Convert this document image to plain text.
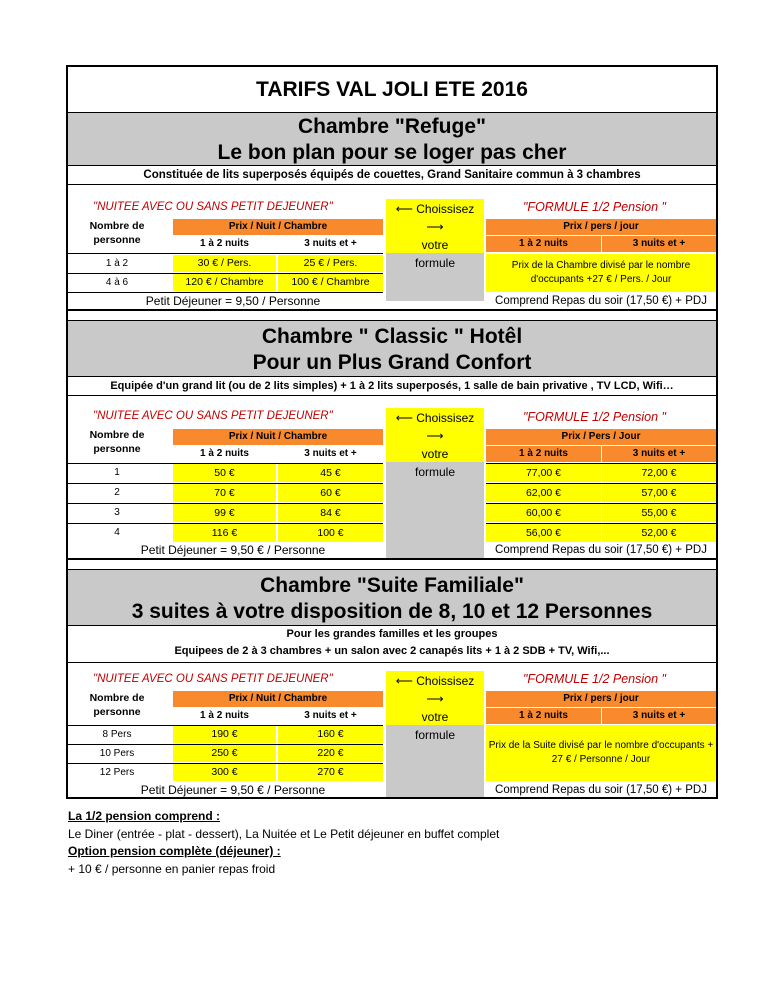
TARIFS VAL JOLI ETE 2016
Chambre "Refuge"
Le bon plan pour se loger pas cher
Constituée de lits superposés équipés de couettes, Grand Sanitaire commun à 3 chambres
"NUITEE AVEC OU SANS PETIT DEJEUNER"
Nombre de personne
Prix / Nuit / Chambre
1 à 2 nuits	3 nuits et +
1 à 2	30 € / Pers.	25 € / Pers.
4 à 6	120 € / Chambre	100 € / Chambre
Petit Déjeuner = 9,50 / Personne
⟵ Choissisez ⟶
votre
formule
"FORMULE 1/2 Pension "
Prix / pers / jour
1 à 2 nuits	3 nuits et +
Prix de la Chambre divisé par le nombre d'occupants +27 € / Pers. / Jour
Comprend Repas du soir (17,50 €) + PDJ
Chambre " Classic " Hotêl
Pour un Plus Grand Confort
Equipée d'un grand lit (ou de 2 lits simples) + 1 à 2 lits superposés, 1 salle de bain privative , TV LCD, Wifi…
"NUITEE AVEC OU SANS PETIT DEJEUNER"
Nombre de personne
Prix / Nuit / Chambre
1 à 2 nuits	3 nuits et +
"FORMULE 1/2 Pension "
Prix / Pers / Jour
1 à 2 nuits	3 nuits et +
1	50 €	45 €	77,00 €	72,00 €
2	70 €	60 €	62,00 €	57,00 €
3	99 €	84 €	60,00 €	55,00 €
4	116 €	100 €	56,00 €	52,00 €
Petit Déjeuner = 9,50 € / Personne	Comprend Repas du soir (17,50 €) + PDJ
⟵ Choissisez ⟶
votre
formule
Chambre "Suite Familiale"
3 suites à votre disposition de 8, 10 et 12 Personnes
Pour les grandes familles et les groupes
Equipees de 2 à 3 chambres + un salon avec 2 canapés lits + 1 à 2 SDB + TV, Wifi,...
"NUITEE AVEC OU SANS PETIT DEJEUNER"
Nombre de personne
Prix / Nuit / Chambre
1 à 2 nuits	3 nuits et +
8 Pers	190 €	160 €
10 Pers	250 €	220 €
12 Pers	300 €	270 €
Petit Déjeuner = 9,50 € / Personne
⟵ Choissisez ⟶
votre
formule
"FORMULE 1/2 Pension "
Prix / pers / jour
1 à 2 nuits	3 nuits et +
Prix de la Suite divisé par le nombre d'occupants + 27 € / Personne / Jour
Comprend Repas du soir (17,50 €) + PDJ
La 1/2 pension comprend :
Le Diner (entrée - plat - dessert), La Nuitée et Le Petit déjeuner en buffet complet
Option pension complète (déjeuner) :
+ 10 € / personne en panier repas froid
